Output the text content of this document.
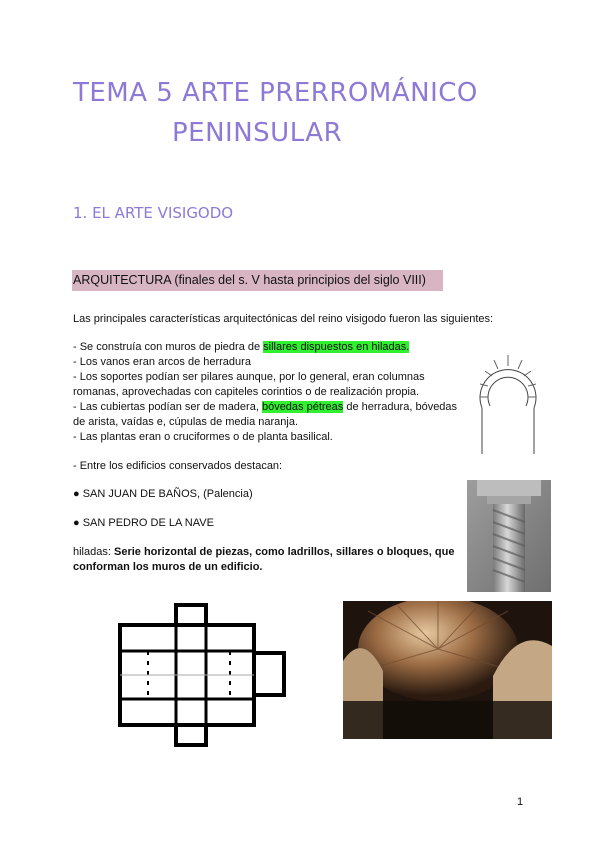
TEMA 5 ARTE PRERROMÁNICO
PENINSULAR
1. EL ARTE VISIGODO
ARQUITECTURA (finales del s. V hasta principios del siglo VIII)
Las principales características arquitectónicas del reino visigodo fueron las siguientes:
- Se construía con muros de piedra de sillares dispuestos en hiladas.
- Los vanos eran arcos de herradura
- Los soportes podían ser pilares aunque, por lo general, eran columnas
romanas, aprovechadas con capiteles corintios o de realización propia.
- Las cubiertas podían ser de madera, bóvedas pétreas de herradura, bóvedas
de arista, vaídas e, cúpulas de media naranja.
- Las plantas eran o cruciformes o de planta basilical.
- Entre los edificios conservados destacan:
● SAN JUAN DE BAÑOS, (Palencia)
● SAN PEDRO DE LA NAVE
hiladas: Serie horizontal de piezas, como ladrillos, sillares o bloques, que
conforman los muros de un edificio.
1
